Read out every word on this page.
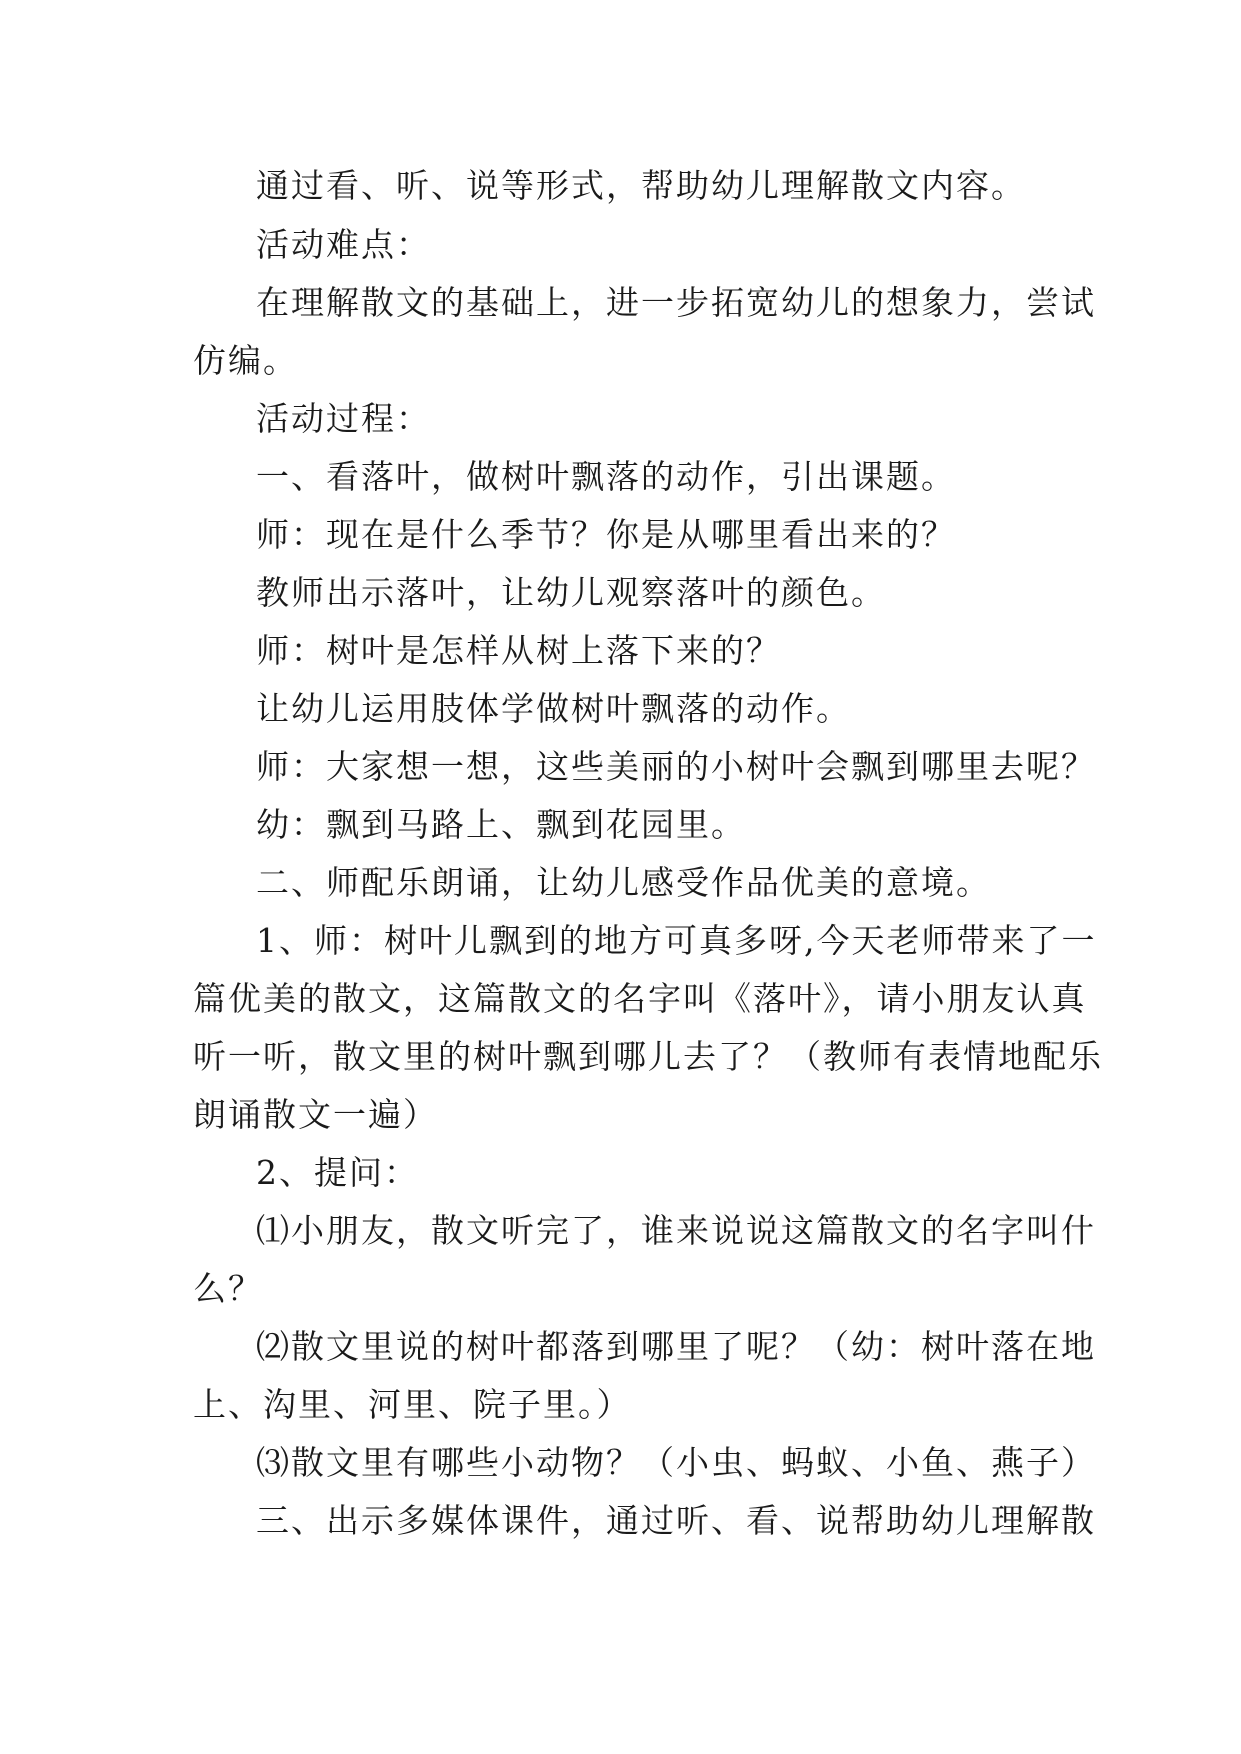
通过看、听、说等形式，帮助幼儿理解散文内容。
活动难点：
在理解散文的基础上，进一步拓宽幼儿的想象力，尝试
仿编。
活动过程：
一、看落叶，做树叶飘落的动作，引出课题。
师：现在是什么季节？你是从哪里看出来的？
教师出示落叶，让幼儿观察落叶的颜色。
师：树叶是怎样从树上落下来的？
让幼儿运用肢体学做树叶飘落的动作。
师：大家想一想，这些美丽的小树叶会飘到哪里去呢？
幼：飘到马路上、飘到花园里。
二、师配乐朗诵，让幼儿感受作品优美的意境。
1、师：树叶儿飘到的地方可真多呀,今天老师带来了一
篇优美的散文，这篇散文的名字叫《落叶》，请小朋友认真
听一听，散文里的树叶飘到哪儿去了？（教师有表情地配乐
朗诵散文一遍）
2、提问：
⑴小朋友，散文听完了，谁来说说这篇散文的名字叫什
么？
⑵散文里说的树叶都落到哪里了呢？（幼：树叶落在地
上、沟里、河里、院子里。）
⑶散文里有哪些小动物？（小虫、蚂蚁、小鱼、燕子）
三、出示多媒体课件，通过听、看、说帮助幼儿理解散
